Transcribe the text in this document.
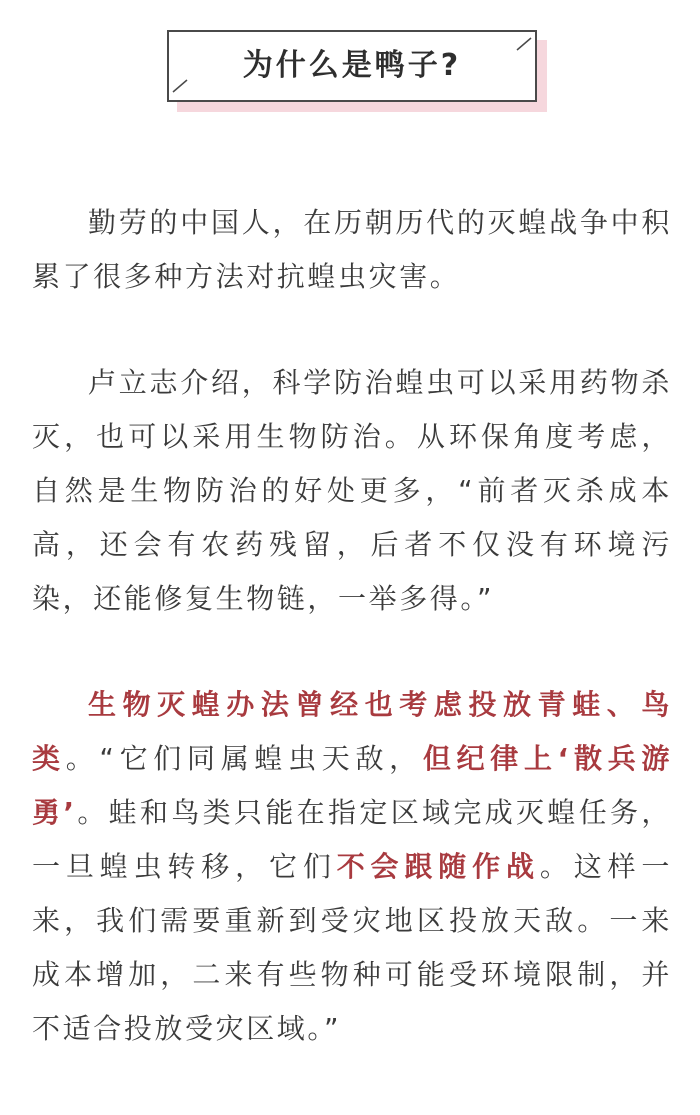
为什么是鸭子?

勤劳的中国人，在历朝历代的灭蝗战争中积累了很多种方法对抗蝗虫灾害。

卢立志介绍，科学防治蝗虫可以采用药物杀灭，也可以采用生物防治。从环保角度考虑，自然是生物防治的好处更多，“前者灭杀成本高，还会有农药残留，后者不仅没有环境污染，还能修复生物链，一举多得。”

生物灭蝗办法曾经也考虑投放青蛙、鸟类。“它们同属蝗虫天敌，但纪律上‘散兵游勇’。蛙和鸟类只能在指定区域完成灭蝗任务，一旦蝗虫转移，它们不会跟随作战。这样一来，我们需要重新到受灾地区投放天敌。一来成本增加，二来有些物种可能受环境限制，并不适合投放受灾区域。”
